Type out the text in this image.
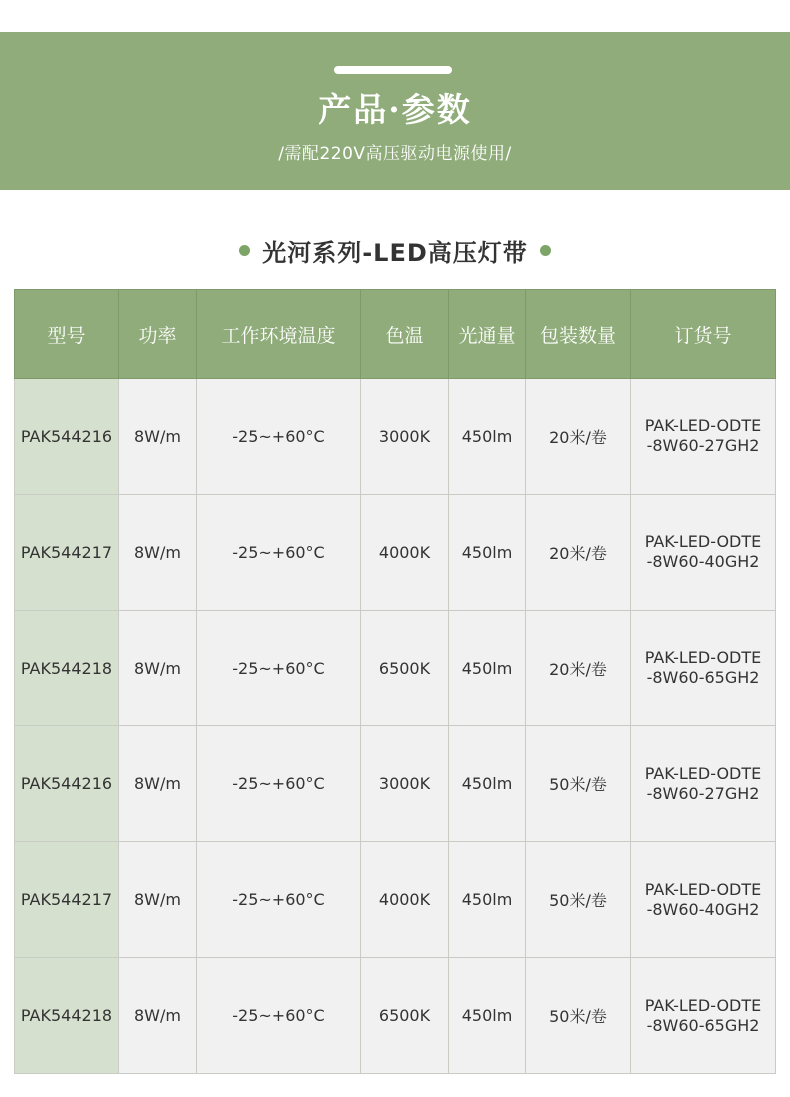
产品·参数
/需配220V高压驱动电源使用/
光河系列-LED高压灯带
型号	功率	工作环境温度	色温	光通量	包装数量	订货号
PAK544216	8W/m	-25~+60°C	3000K	450lm	20米/卷	PAK-LED-ODTE
-8W60-27GH2

PAK544217	8W/m	-25~+60°C	4000K	450lm	20米/卷	PAK-LED-ODTE
-8W60-40GH2

PAK544218	8W/m	-25~+60°C	6500K	450lm	20米/卷	PAK-LED-ODTE
-8W60-65GH2

PAK544216	8W/m	-25~+60°C	3000K	450lm	50米/卷	PAK-LED-ODTE
-8W60-27GH2

PAK544217	8W/m	-25~+60°C	4000K	450lm	50米/卷	PAK-LED-ODTE
-8W60-40GH2

PAK544218	8W/m	-25~+60°C	6500K	450lm	50米/卷	PAK-LED-ODTE
-8W60-65GH2
